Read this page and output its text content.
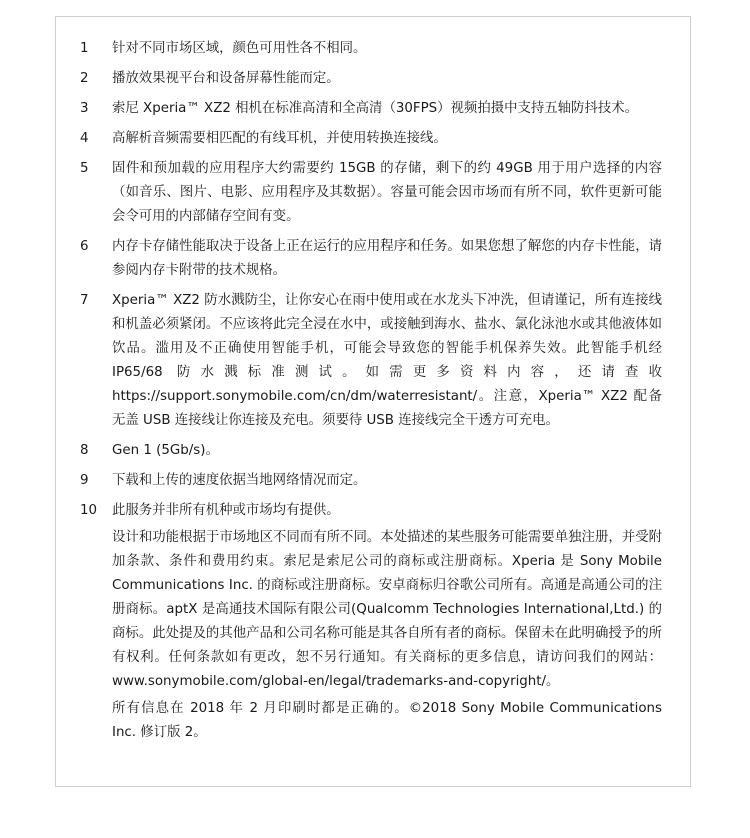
1	针对不同市场区域，颜色可用性各不相同。

2	播放效果视平台和设备屏幕性能而定。

3	索尼 Xperia™ XZ2 相机在标准高清和全高清（30FPS）视频拍摄中支持五轴防抖技术。

4	高解析音频需要相匹配的有线耳机，并使用转换连接线。

5	固件和预加载的应用程序大约需要约 15GB 的存储，剩下的约 49GB 用于用户选择的内容（如音乐、图片、电影、应用程序及其数据）。容量可能会因市场而有所不同，软件更新可能会令可用的内部储存空间有变。

6	内存卡存储性能取决于设备上正在运行的应用程序和任务。如果您想了解您的内存卡性能，请参阅内存卡附带的技术规格。

7	Xperia™ XZ2 防水溅防尘，让你安心在雨中使用或在水龙头下冲洗，但请谨记，所有连接线和机盖必须紧闭。不应该将此完全浸在水中，或接触到海水、盐水、氯化泳池水或其他液体如饮品。滥用及不正确使用智能手机，可能会导致您的智能手机保养失效。此智能手机经 IP65/68 防水溅标准测试。如需更多资料内容，还请查收 https://support.sonymobile.com/cn/dm/waterresistant/。注意，Xperia™ XZ2 配备无盖 USB 连接线让你连接及充电。须要待 USB 连接线完全干透方可充电。

8	Gen 1 (5Gb/s)。

9	下载和上传的速度依据当地网络情况而定。

10	此服务并非所有机种或市场均有提供。

设计和功能根据于市场地区不同而有所不同。本处描述的某些服务可能需要单独注册，并受附加条款、条件和费用约束。索尼是索尼公司的商标或注册商标。Xperia 是 Sony Mobile Communications Inc. 的商标或注册商标。安卓商标归谷歌公司所有。高通是高通公司的注册商标。aptX 是高通技术国际有限公司(Qualcomm Technologies International,Ltd.) 的商标。此处提及的其他产品和公司名称可能是其各自所有者的商标。保留未在此明确授予的所有权利。任何条款如有更改，恕不另行通知。有关商标的更多信息，请访问我们的网站：www.sonymobile.com/global-en/legal/trademarks-and-copyright/。

所有信息在 2018 年 2 月印刷时都是正确的。©2018 Sony Mobile Communications Inc. 修订版 2。
